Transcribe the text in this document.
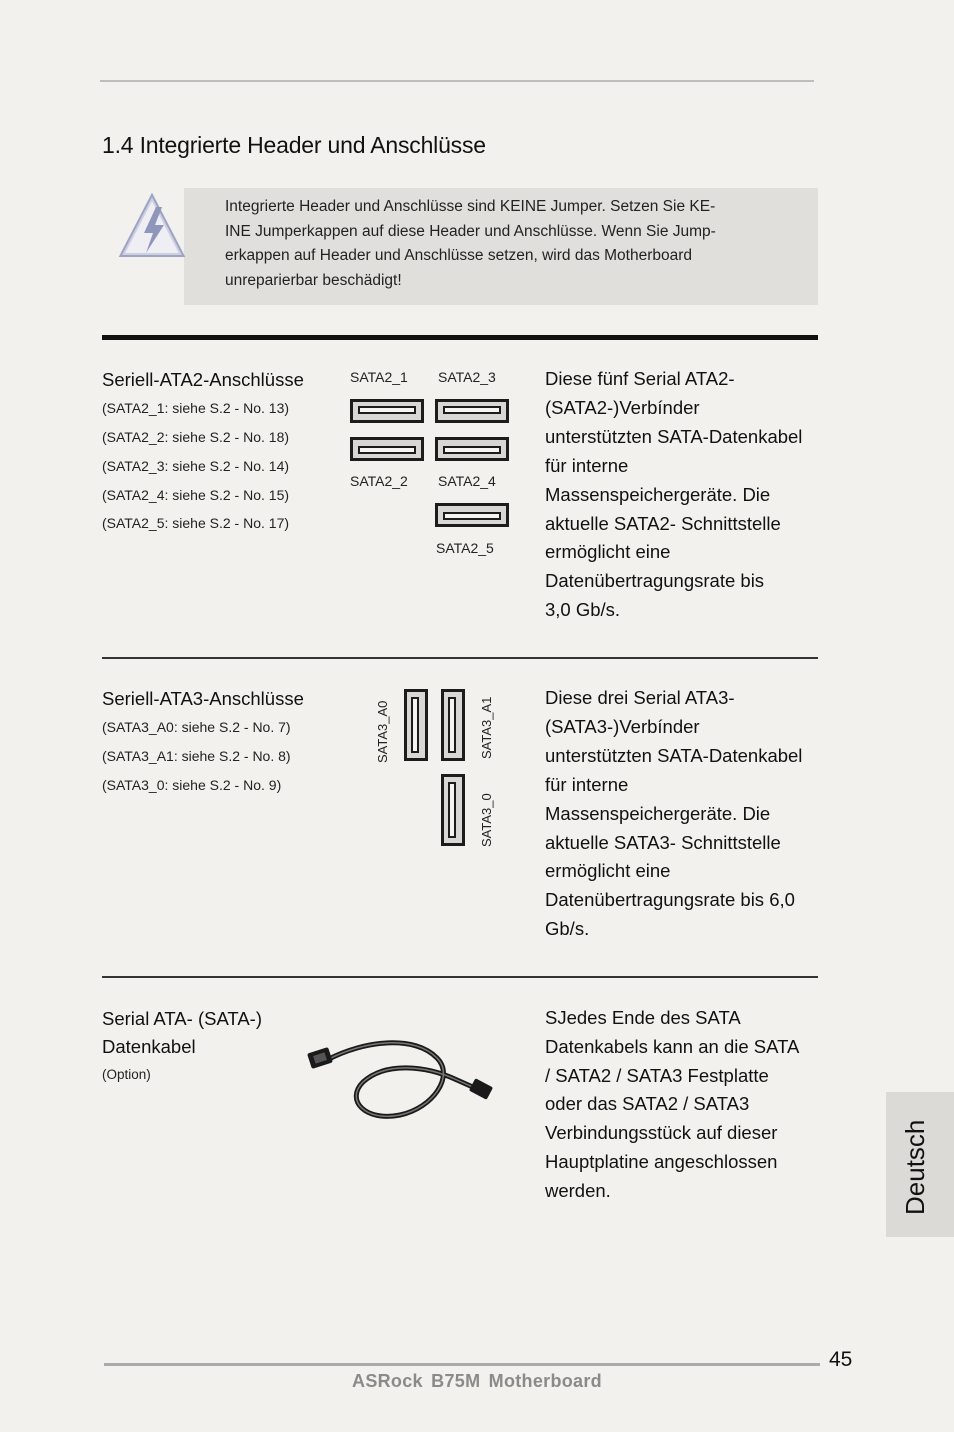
1.4 Integrierte Header und Anschlüsse
Integrierte Header und Anschlüsse sind KEINE Jumper. Setzen Sie KE-
INE Jumperkappen auf diese Header und Anschlüsse. Wenn Sie Jump-
erkappen auf Header und Anschlüsse setzen, wird das Motherboard
unreparierbar beschädigt!
Seriell-ATA2-Anschlüsse
(SATA2_1: siehe S.2 - No. 13)
(SATA2_2: siehe S.2 - No. 18)
(SATA2_3: siehe S.2 - No. 14)
(SATA2_4: siehe S.2 - No. 15)
(SATA2_5: siehe S.2 - No. 17)
SATA2_1 SATA2_3
SATA2_2 SATA2_4
SATA2_5
Diese fünf Serial ATA2-
(SATA2-)Verbínder
unterstützten SATA-Datenkabel
für interne
Massenspeichergeräte. Die
aktuelle SATA2- Schnittstelle
ermöglicht eine
Datenübertragungsrate bis
3,0 Gb/s.
Seriell-ATA3-Anschlüsse
(SATA3_A0: siehe S.2 - No. 7)
(SATA3_A1: siehe S.2 - No. 8)
(SATA3_0: siehe S.2 - No. 9)
SATA3_A0	SATA3_A1
SATA3_0
Diese drei Serial ATA3-
(SATA3-)Verbínder
unterstützten SATA-Datenkabel
für interne
Massenspeichergeräte. Die
aktuelle SATA3- Schnittstelle
ermöglicht eine
Datenübertragungsrate bis 6,0
Gb/s.
Serial ATA- (SATA-)
Datenkabel
(Option)
SJedes Ende des SATA
Datenkabels kann an die SATA
/ SATA2 / SATA3 Festplatte
oder das SATA2 / SATA3
Verbindungsstück auf dieser
Hauptplatine angeschlossen
werden.	Deutsch
45
ASRock B75M Motherboard
